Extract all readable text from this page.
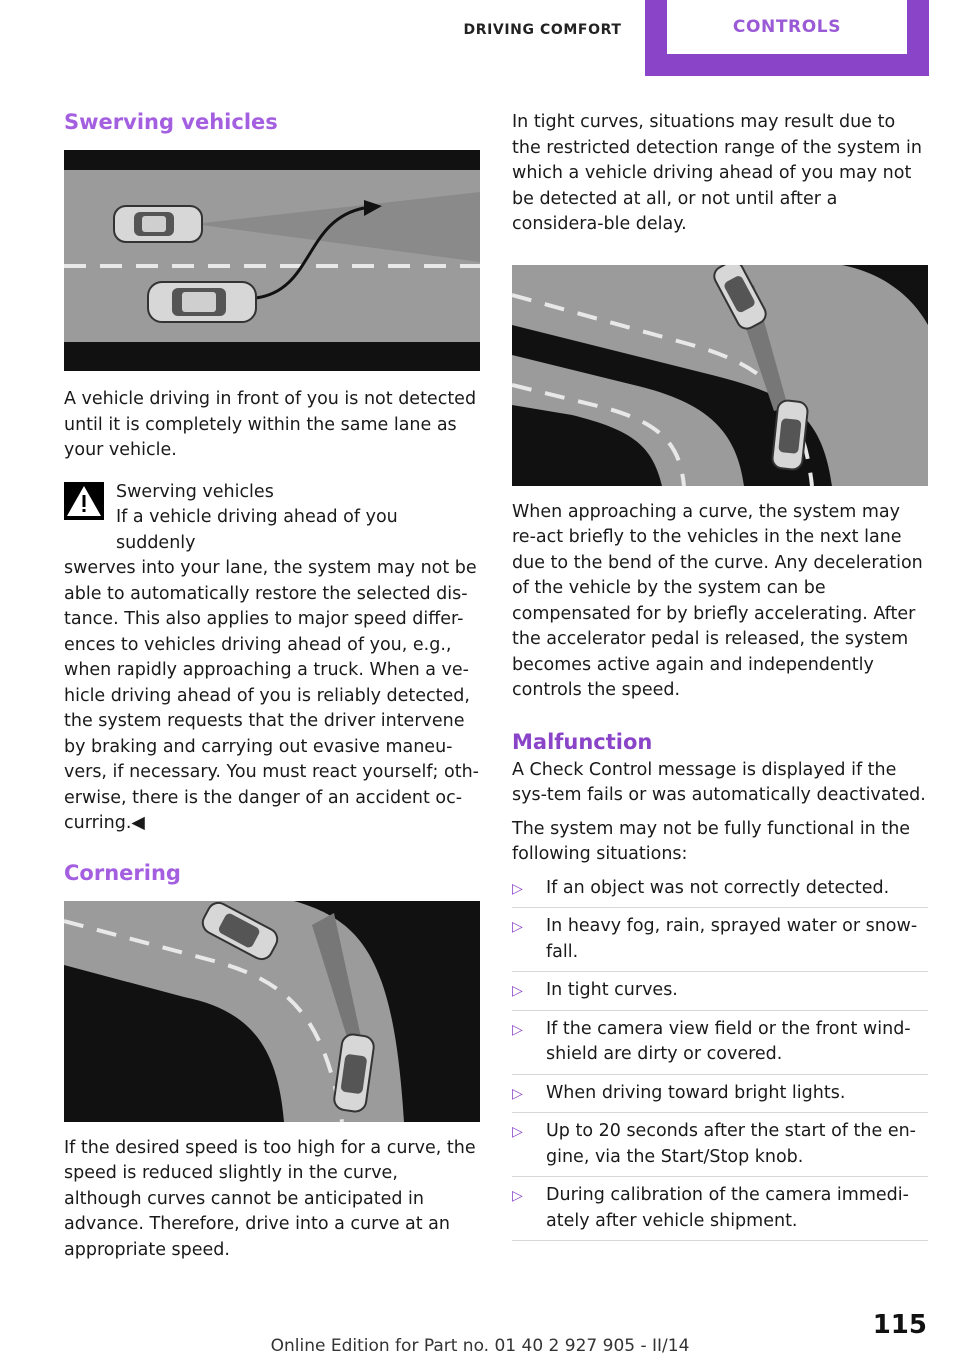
DRIVING COMFORT	CONTROLS
Swerving vehicles

A vehicle driving in front of you is not detected until it is completely within the same lane as your vehicle.

Swerving vehicles

If a vehicle driving ahead of you suddenly

swerves into your lane, the system may not be able to automatically restore the selected dis-tance. This also applies to major speed differ-ences to vehicles driving ahead of you, e.g., when rapidly approaching a truck. When a ve-hicle driving ahead of you is reliably detected, the system requests that the driver intervene by braking and carrying out evasive maneu-vers, if necessary. You must react yourself; oth-erwise, there is the danger of an accident oc-curring.◀

Cornering

If the desired speed is too high for a curve, the speed is reduced slightly in the curve, although curves cannot be anticipated in advance. Therefore, drive into a curve at an appropriate speed.

In tight curves, situations may result due to the restricted detection range of the system in which a vehicle driving ahead of you may not be detected at all, or not until after a considera-ble delay.

When approaching a curve, the system may re-act briefly to the vehicles in the next lane due to the bend of the curve. Any deceleration of the vehicle by the system can be compensated for by briefly accelerating. After the accelerator pedal is released, the system becomes active again and independently controls the speed.

Malfunction

A Check Control message is displayed if the sys-tem fails or was automatically deactivated.

The system may not be fully functional in the following situations:

▷ If an object was not correctly detected.
▷ In heavy fog, rain, sprayed water or snow-fall.
▷ In tight curves.
▷ If the camera view field or the front wind-shield are dirty or covered.
▷ When driving toward bright lights.
▷ Up to 20 seconds after the start of the en-gine, via the Start/Stop knob.
▷ During calibration of the camera immedi-ately after vehicle shipment.
115
Online Edition for Part no. 01 40 2 927 905 - II/14
